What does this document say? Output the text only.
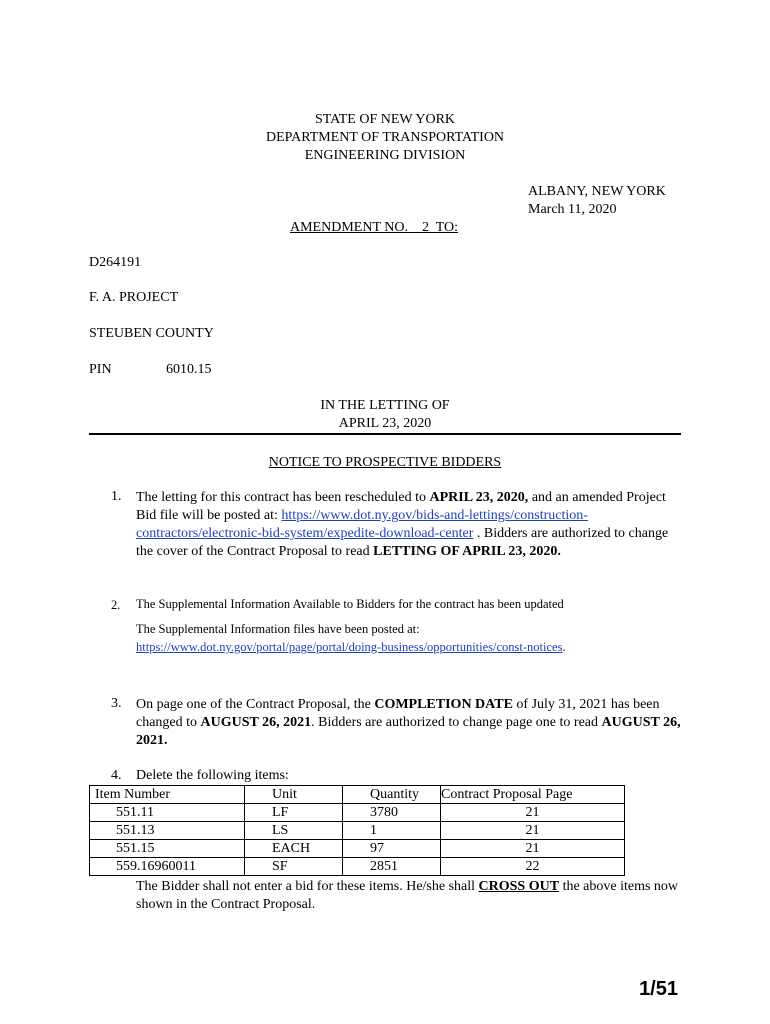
STATE OF NEW YORK
DEPARTMENT OF TRANSPORTATION
ENGINEERING DIVISION
ALBANY, NEW YORK
March 11, 2020
AMENDMENT NO.    2  TO:
D264191
F. A. PROJECT
STEUBEN COUNTY
PIN	6010.15
IN THE LETTING OF
APRIL 23, 2020
NOTICE TO PROSPECTIVE BIDDERS
1. The letting for this contract has been rescheduled to APRIL 23, 2020, and an amended Project Bid file will be posted at: https://www.dot.ny.gov/bids-and-lettings/construction-contractors/electronic-bid-system/expedite-download-center . Bidders are authorized to change the cover of the Contract Proposal to read LETTING OF APRIL 23, 2020.
2. The Supplemental Information Available to Bidders for the contract has been updated
The Supplemental Information files have been posted at:
https://www.dot.ny.gov/portal/page/portal/doing-business/opportunities/const-notices.
3. On page one of the Contract Proposal, the COMPLETION DATE of July 31, 2021 has been changed to AUGUST 26, 2021. Bidders are authorized to change page one to read AUGUST 26, 2021.
4. Delete the following items:
Item Number	Unit	Quantity	Contract Proposal Page
551.11	LF	3780	21
551.13	LS	1	21
551.15	EACH	97	21
559.16960011	SF	2851	22
The Bidder shall not enter a bid for these items. He/she shall CROSS OUT the above items now shown in the Contract Proposal.
1/51
